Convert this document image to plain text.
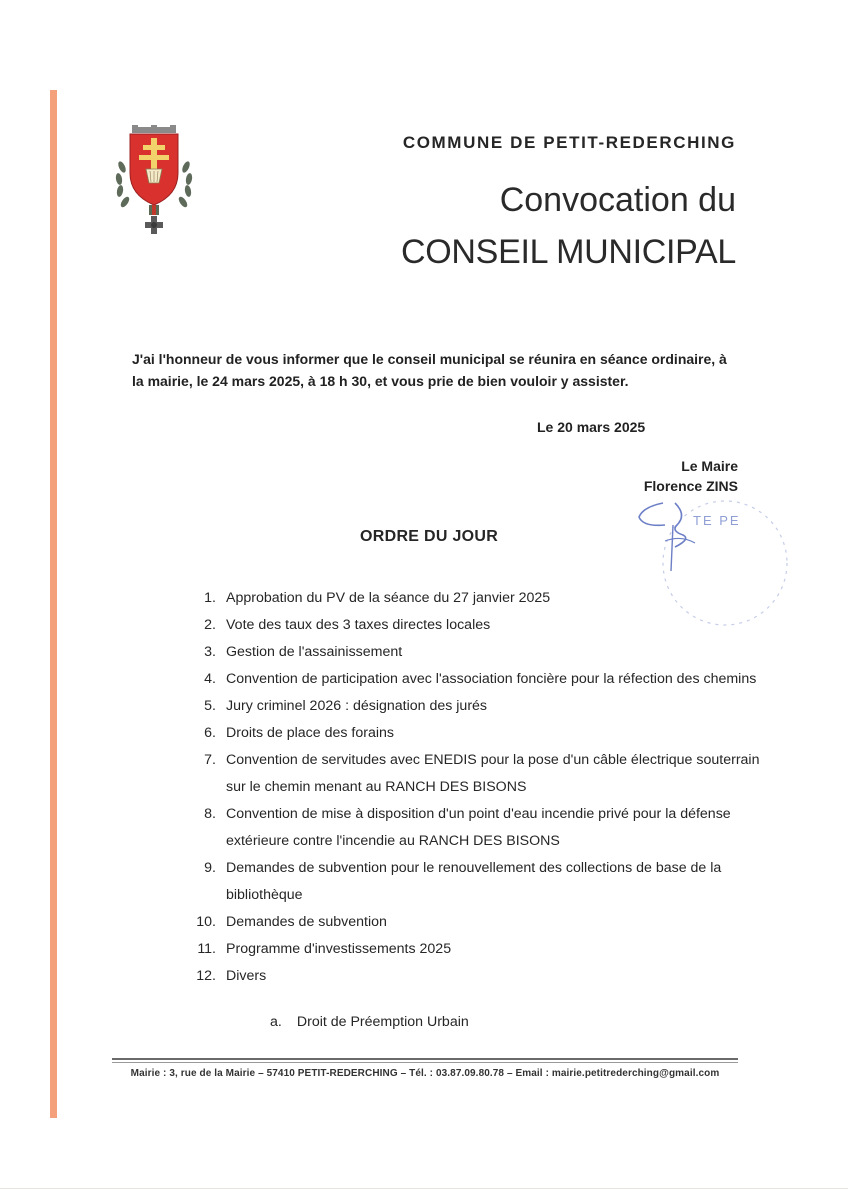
COMMUNE DE PETIT-REDERCHING
Convocation du
CONSEIL MUNICIPAL
J'ai l'honneur de vous informer que le conseil municipal se réunira en séance ordinaire, à la mairie, le 24 mars 2025, à 18 h 30, et vous prie de bien vouloir y assister.
Le 20 mars 2025
Le Maire
Florence ZINS
TE PE
ORDRE DU JOUR
1. Approbation du PV de la séance du 27 janvier 2025
2. Vote des taux des 3 taxes directes locales
3. Gestion de l'assainissement
4. Convention de participation avec l'association foncière pour la réfection des chemins
5. Jury criminel 2026 : désignation des jurés
6. Droits de place des forains
7. Convention de servitudes avec ENEDIS pour la pose d'un câble électrique souterrain sur le chemin menant au RANCH DES BISONS
8. Convention de mise à disposition d'un point d'eau incendie privé pour la défense extérieure contre l'incendie au RANCH DES BISONS
9. Demandes de subvention pour le renouvellement des collections de base de la bibliothèque
10. Demandes de subvention
11. Programme d'investissements 2025
12. Divers
a. Droit de Préemption Urbain
Mairie : 3, rue de la Mairie – 57410 PETIT-REDERCHING – Tél. : 03.87.09.80.78 – Email : mairie.petitrederching@gmail.com
